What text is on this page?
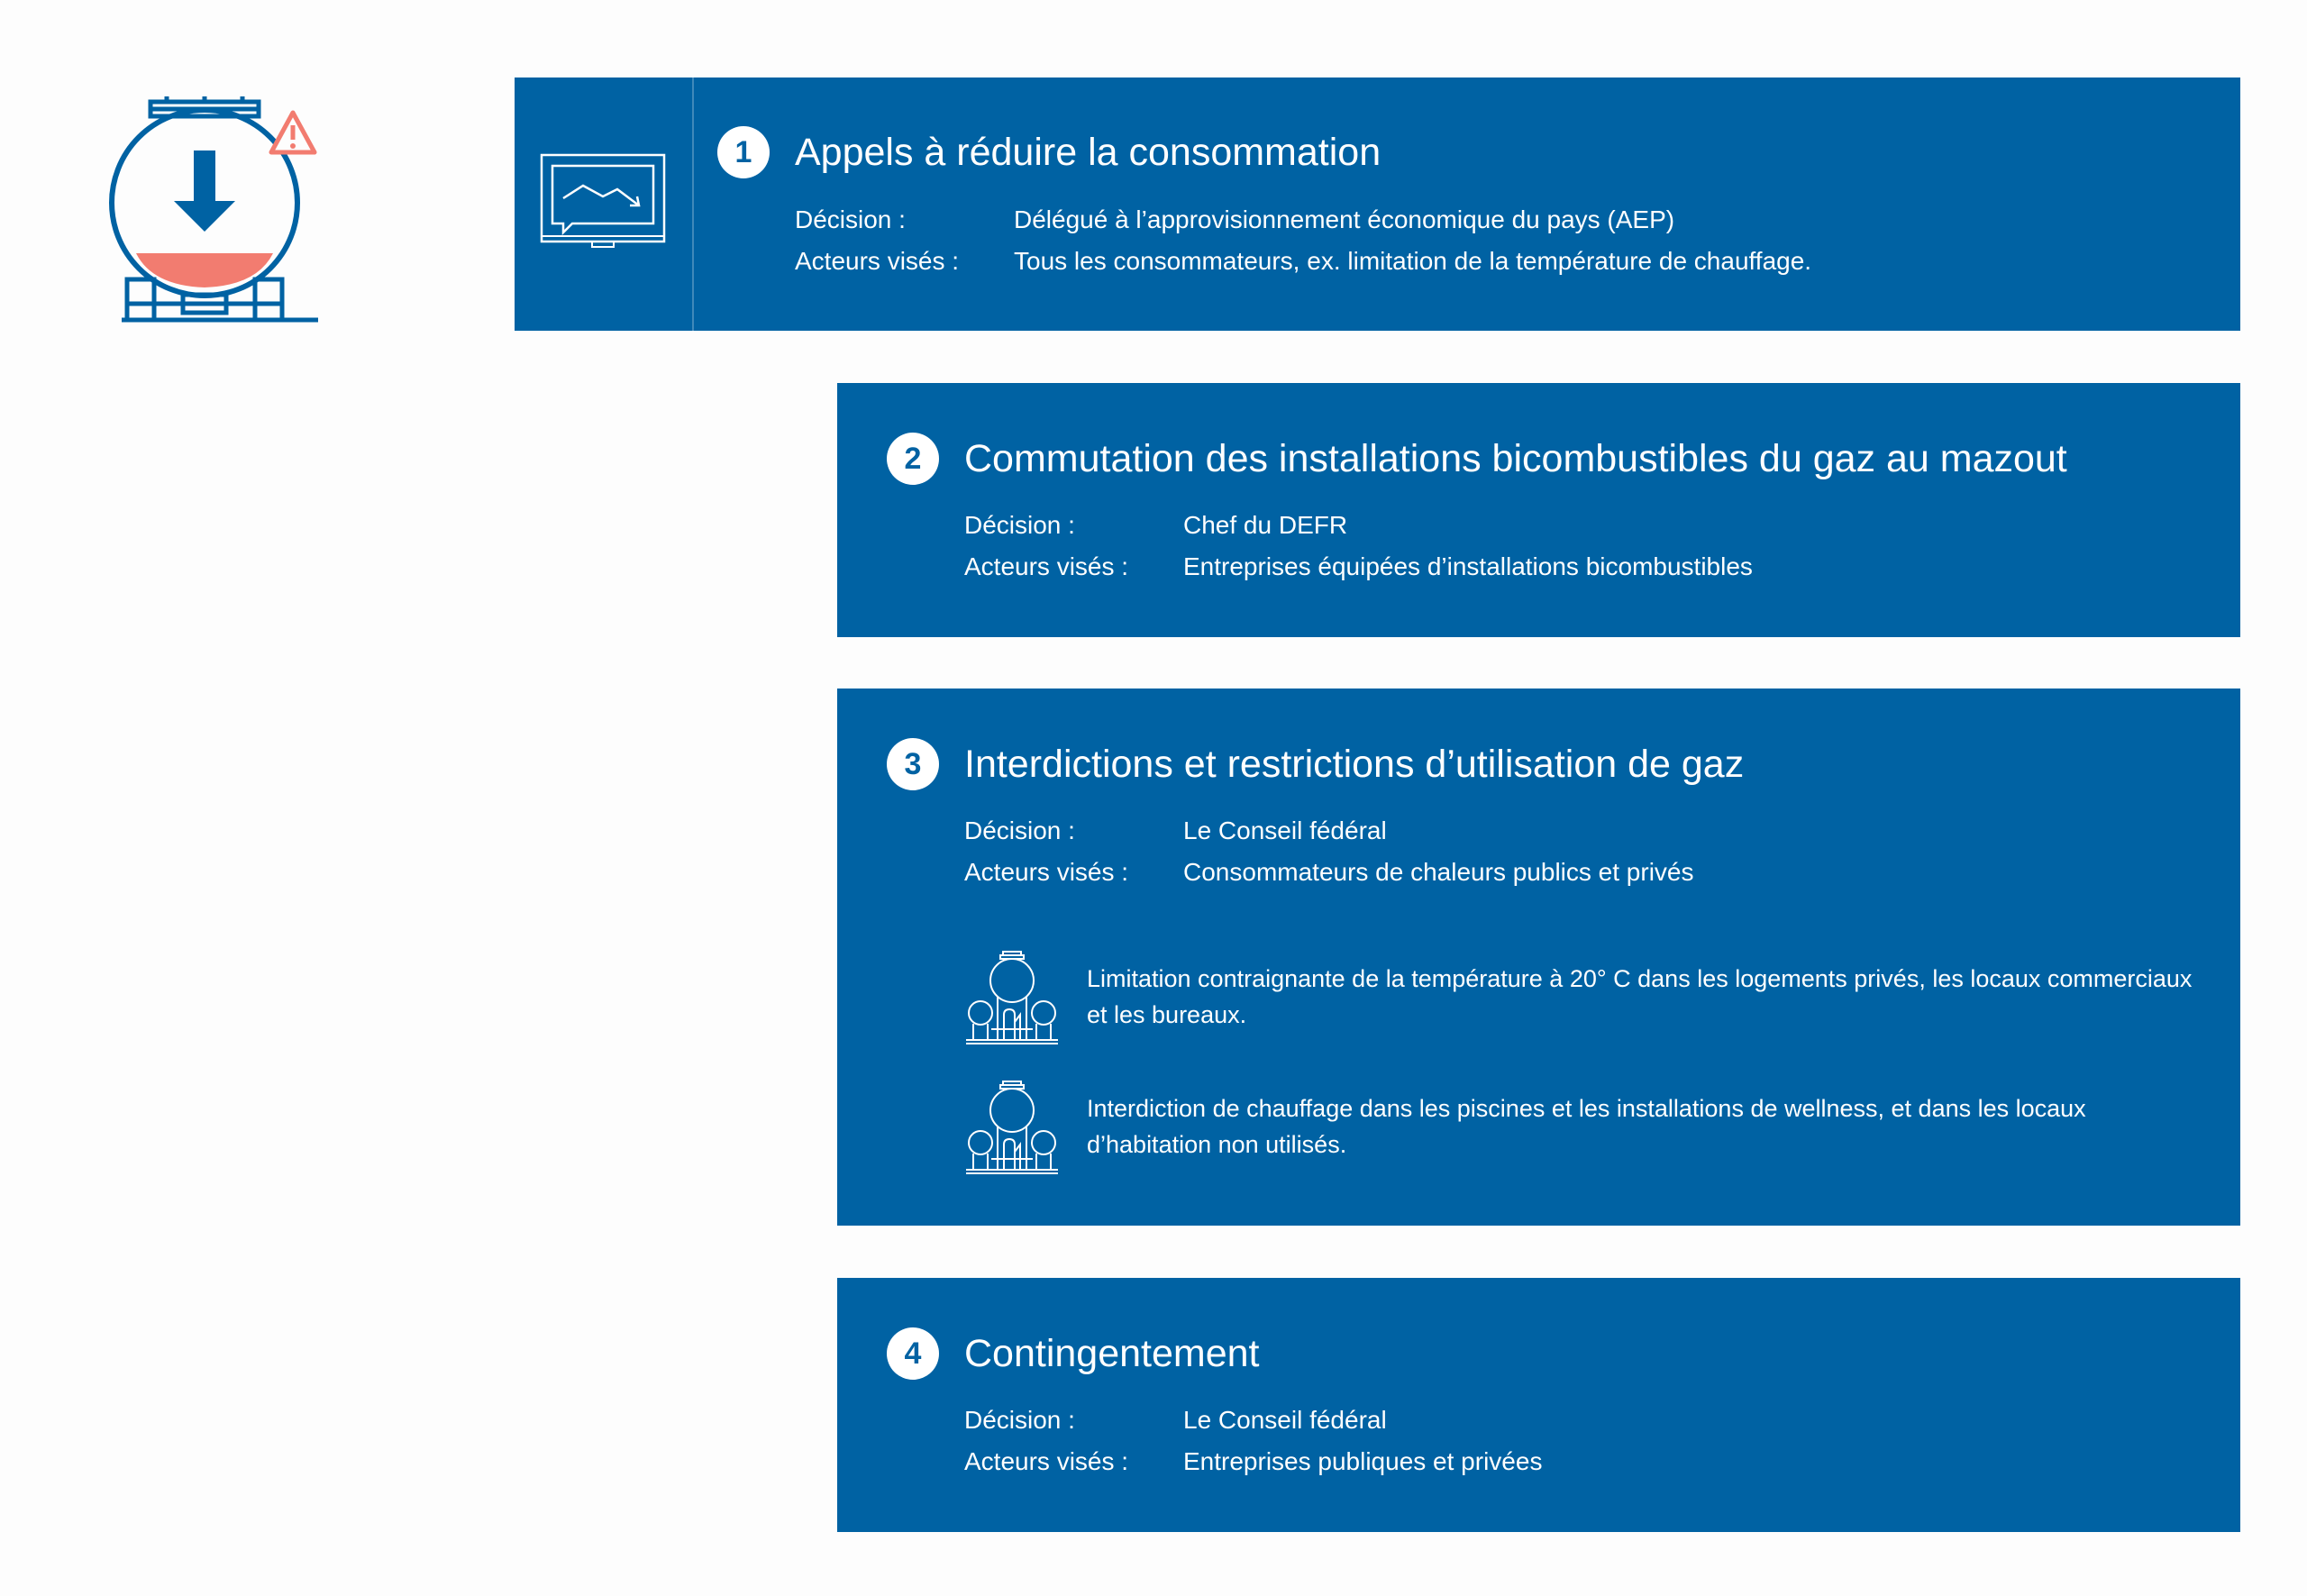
1	Appels à réduire la consommation
Décision :	Délégué à l’approvisionnement économique du pays (AEP)
Acteurs visés :	Tous les consommateurs, ex. limitation de la température de chauffage.
2	Commutation des installations bicombustibles du gaz au mazout
Décision :	Chef du DEFR
Acteurs visés :	Entreprises équipées d’installations bicombustibles
3	Interdictions et restrictions d’utilisation de gaz
Décision :	Le Conseil fédéral
Acteurs visés :	Consommateurs de chaleurs publics et privés
Limitation contraignante de la température à 20° C dans les logements privés, les locaux commerciaux et les bureaux.
Interdiction de chauffage dans les piscines et les installations de wellness, et dans les locaux d’habitation non utilisés.
4	Contingentement
Décision :	Le Conseil fédéral
Acteurs visés :	Entreprises publiques et privées
